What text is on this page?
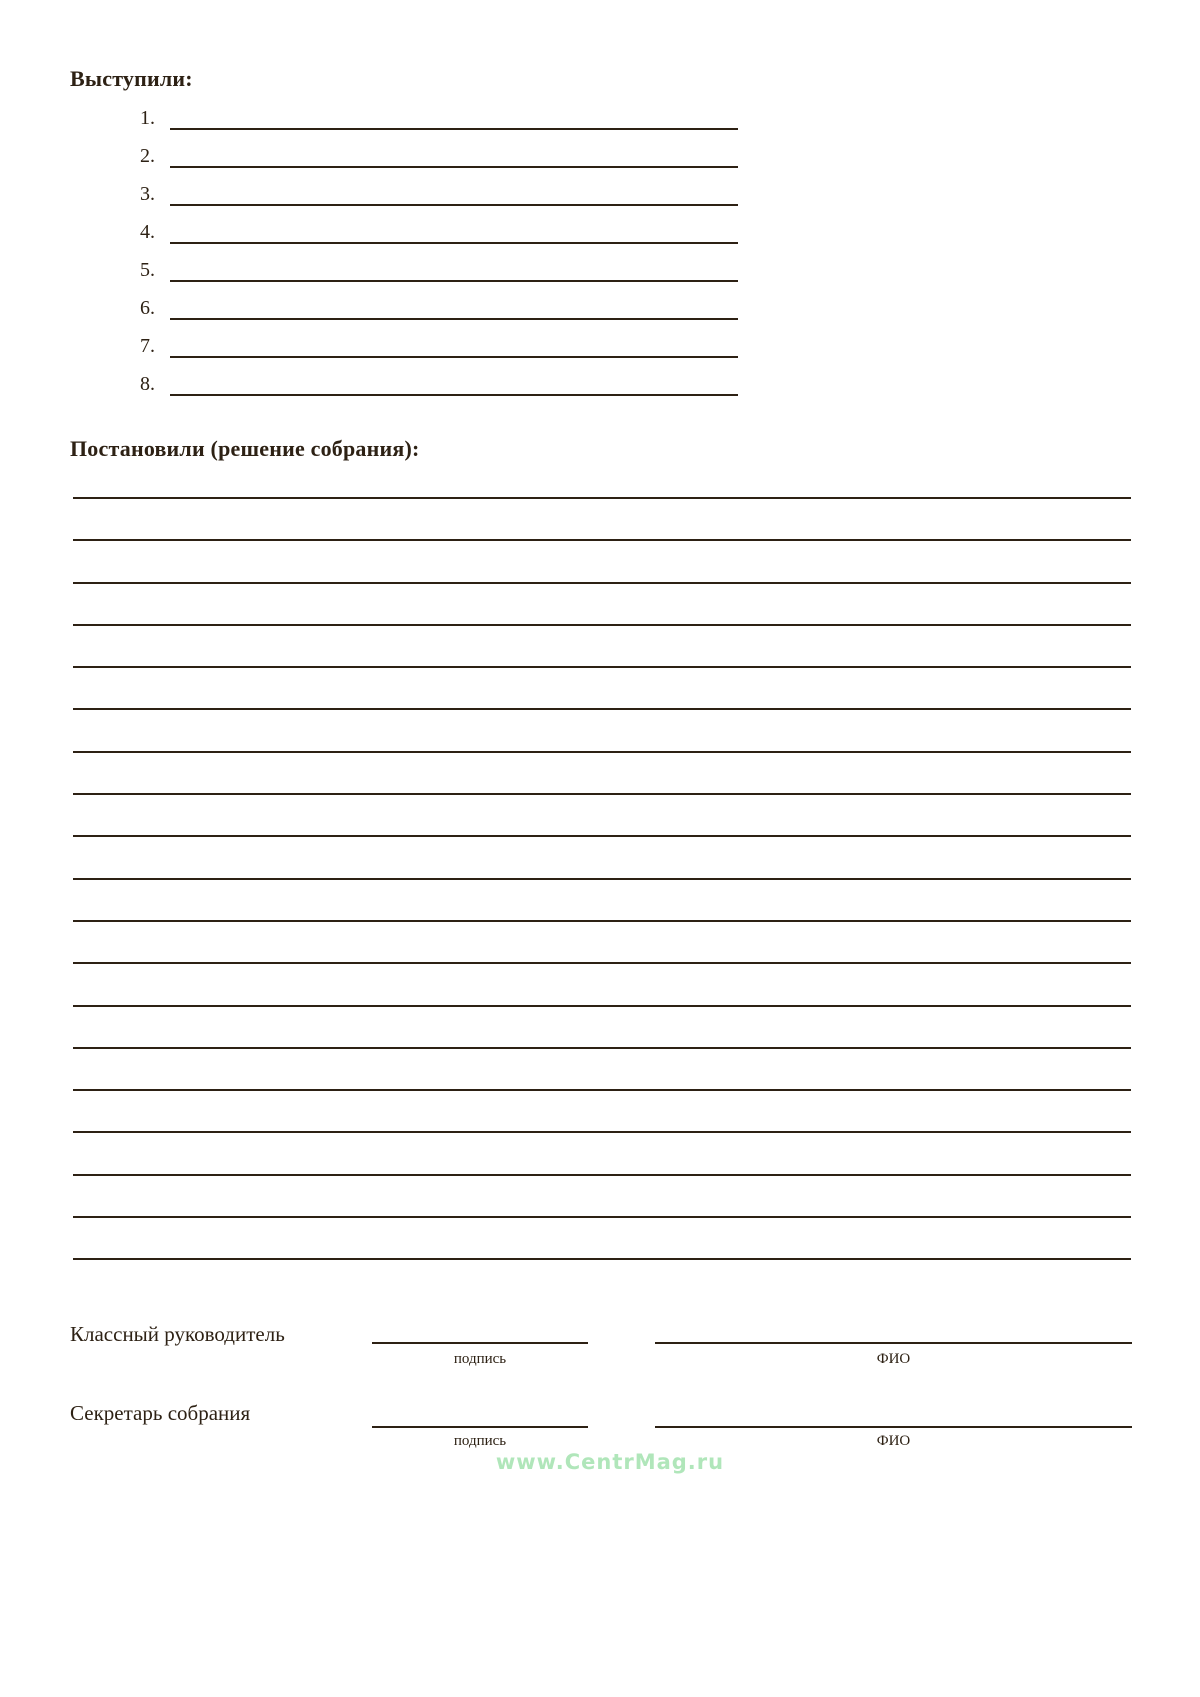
Выступили:
1.
2.
3.
4.
5.
6.
7.
8.
Постановили (решение собрания):
Классный руководитель
подпись	ФИО
Секретарь собрания
подпись	ФИО
www.CentrMag.ru
